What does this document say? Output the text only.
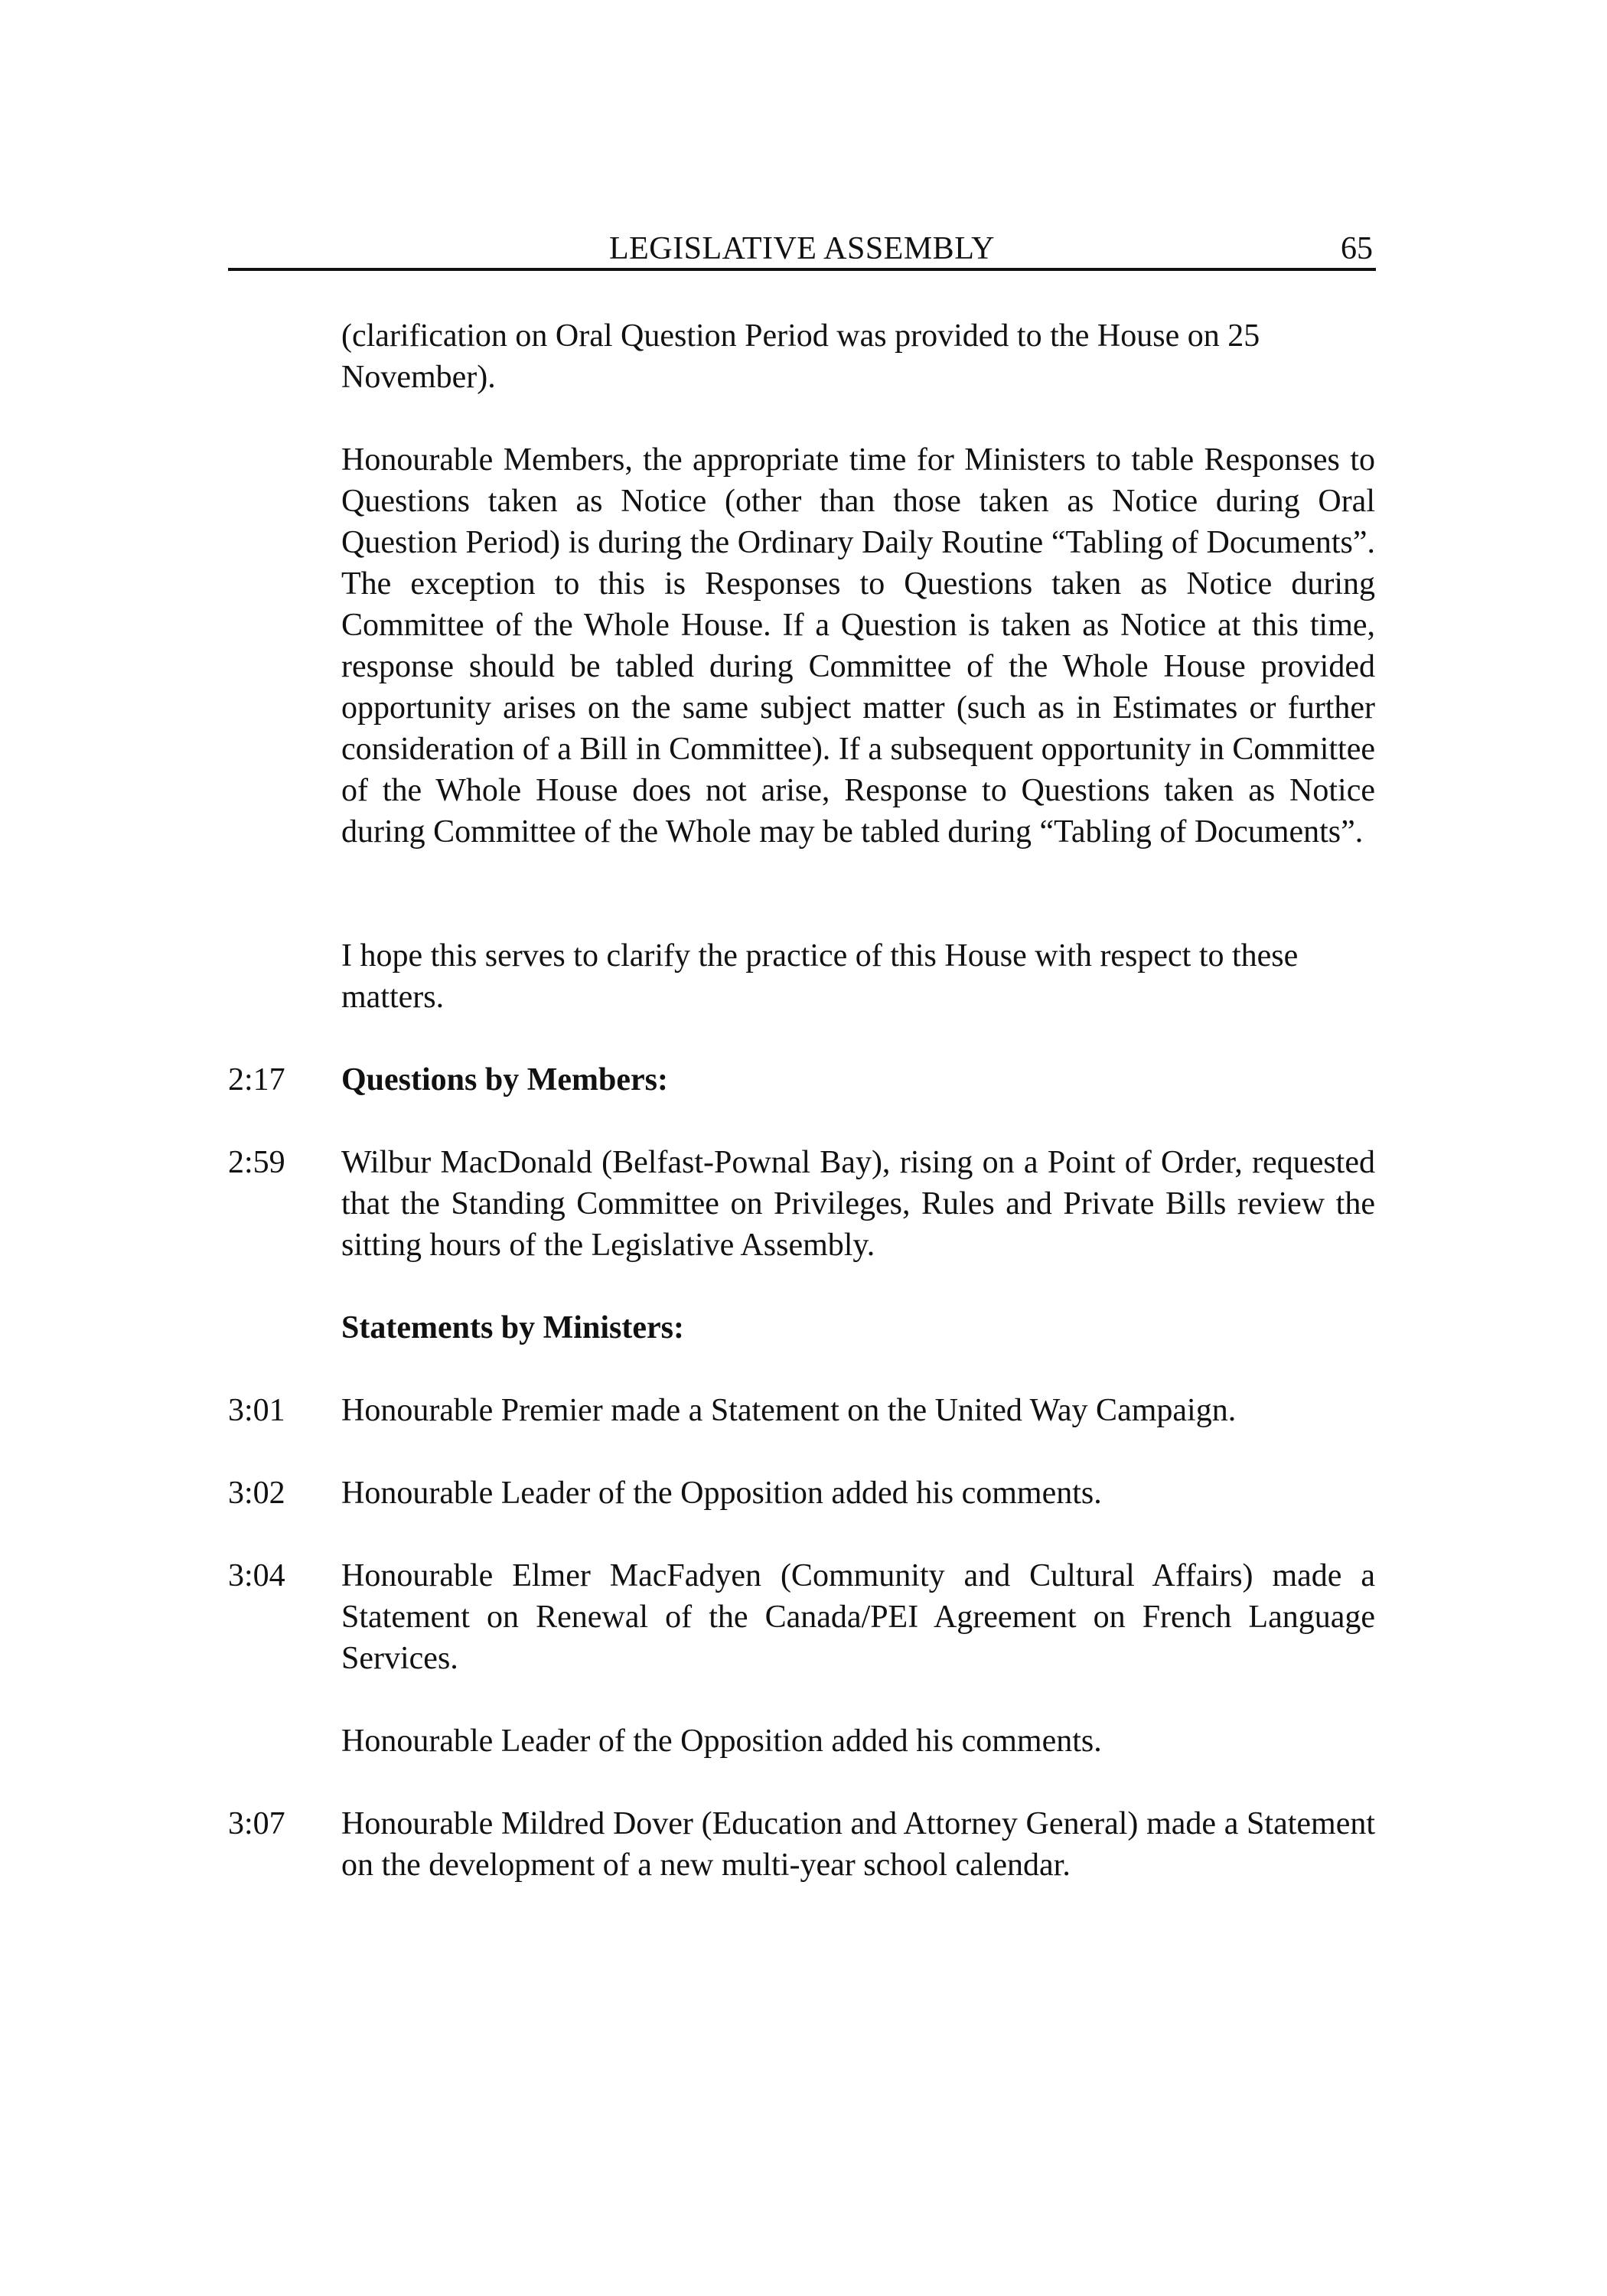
LEGISLATIVE ASSEMBLY	65

(clarification on Oral Question Period was provided to the House on 25 November).

Honourable Members, the appropriate time for Ministers to table Responses to Questions taken as Notice (other than those taken as Notice during Oral Question Period) is during the Ordinary Daily Routine “Tabling of Documents”. The exception to this is Responses to Questions taken as Notice during Committee of the Whole House. If a Question is taken as Notice at this time, response should be tabled during Committee of the Whole House provided opportunity arises on the same subject matter (such as in Estimates or further consideration of a Bill in Committee). If a subsequent opportunity in Committee of the Whole House does not arise, Response to Questions taken as Notice during Committee of the Whole may be tabled during “Tabling of Documents”.

I hope this serves to clarify the practice of this House with respect to these matters.

2:17 Questions by Members:

2:59 Wilbur MacDonald (Belfast-Pownal Bay), rising on a Point of Order, requested that the Standing Committee on Privileges, Rules and Private Bills review the sitting hours of the Legislative Assembly.

Statements by Ministers:

3:01 Honourable Premier made a Statement on the United Way Campaign.

3:02 Honourable Leader of the Opposition added his comments.

3:04 Honourable Elmer MacFadyen (Community and Cultural Affairs) made a Statement on Renewal of the Canada/PEI Agreement on French Language Services.

Honourable Leader of the Opposition added his comments.

3:07 Honourable Mildred Dover (Education and Attorney General) made a Statement on the development of a new multi-year school calendar.
